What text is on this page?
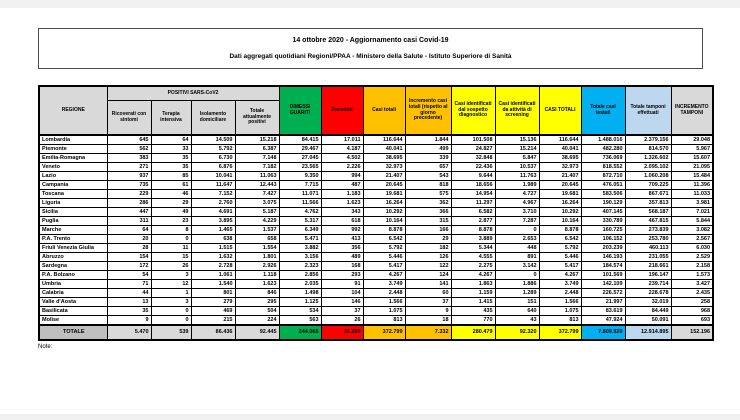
14 ottobre 2020 - Aggiornamento casi Covid-19
Dati aggregati quotidiani Regioni/PPAA - Ministero della Salute - Istituto Superiore di Sanità
REGIONE	POSITIVI SARS-CoV2				DIMESSI GUARITI	Deceduti	Casi totali	Incremento casi totali (rispetto al giorno precedente)	Casi identificati dal sospetto diagnostico	Casi identificati da attività di screening	CASI TOTALI	Totale casi testati	Totale tamponi effettuati	INCREMENTO TAMPONI
	Ricoverati con sintomi	Terapia intensiva	Isolamento domiciliare	Totale attualmente positivi										
Lombardia	645	64	14.509	15.218	84.415	17.011	116.644	1.844	101.508	15.136	116.644	1.488.016	2.379.156	29.048
Piemonte	562	33	5.792	6.387	29.467	4.187	40.041	499	24.827	15.214	40.041	482.280	814.570	5.967
Emilia-Romagna	383	35	6.730	7.148	27.045	4.502	38.695	339	32.848	5.847	38.695	736.069	1.326.602	15.607
Veneto	271	35	6.876	7.182	23.565	2.226	32.973	657	22.436	10.537	32.973	818.552	2.095.102	21.095
Lazio	937	85	10.041	11.063	9.350	994	21.407	543	9.644	11.763	21.407	872.710	1.060.208	15.484
Campania	735	61	11.647	12.443	7.715	487	20.645	818	18.656	1.989	20.645	476.051	709.225	11.396
Toscana	229	46	7.152	7.427	11.071	1.183	19.681	575	14.954	4.727	19.681	583.506	867.671	11.033
Liguria	286	29	2.760	3.075	11.566	1.623	16.264	362	11.297	4.967	16.264	190.129	357.813	3.981
Sicilia	447	49	4.691	5.187	4.762	343	10.292	366	6.582	3.710	10.292	407.145	568.187	7.021
Puglia	311	23	3.895	4.229	5.317	618	10.164	315	2.877	7.287	10.164	330.789	467.815	5.844
Marche	64	8	1.465	1.537	6.349	992	8.878	166	8.878	0	8.878	160.725	273.839	3.082
P.A. Trento	20	0	638	658	5.471	413	6.542	29	3.889	2.653	6.542	106.152	253.780	2.567
Friuli Venezia Giulia	28	11	1.515	1.554	3.882	356	5.792	182	5.344	448	5.792	203.239	460.113	6.030
Abruzzo	154	15	1.632	1.801	3.156	489	5.446	126	4.555	891	5.446	146.193	231.055	2.529
Sardegna	172	26	2.728	2.926	2.323	168	5.417	122	2.275	3.142	5.417	184.574	218.661	2.158
P.A. Bolzano	54	3	1.061	1.118	2.856	293	4.267	124	4.267	0	4.267	101.569	196.147	1.573
Umbria	71	12	1.540	1.623	2.035	91	3.749	141	1.863	1.886	3.749	142.109	239.714	3.427
Calabria	44	1	801	846	1.498	104	2.448	60	1.159	1.289	2.448	226.572	228.678	2.435
Valle d'Aosta	13	3	279	295	1.125	146	1.566	37	1.415	151	1.566	21.997	32.019	258
Basilicata	35	0	469	504	534	37	1.075	9	435	640	1.075	83.619	84.449	968
Molise	9	0	215	224	563	26	813	18	770	43	813	47.924	50.091	693
TOTALE	5.470	539	86.436	92.445	244.065	36.289	372.799	7.332	280.479	92.320	372.799	7.809.920	12.914.895	152.196
Note:
